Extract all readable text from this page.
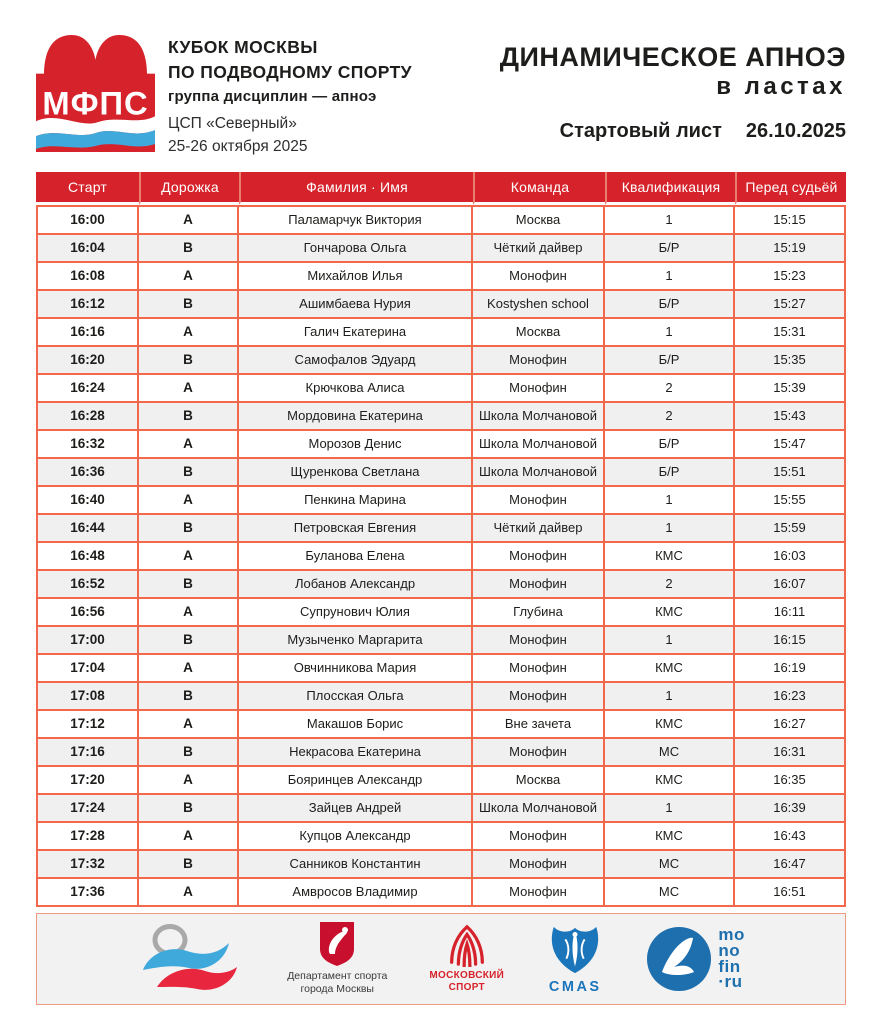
МФПС
КУБОК МОСКВЫ
ПО ПОДВОДНОМУ СПОРТУ
группа дисциплин — апноэ
ЦСП «Северный»
25-26 октября 2025
ДИНАМИЧЕСКОЕ АПНОЭ
в ластах
Стартовый лист 26.10.2025
Старт	Дорожка	Фамилия · Имя	Команда	Квалификация	Перед судьёй
16:00	A	Паламарчук Виктория	Москва	1	15:15
16:04	B	Гончарова Ольга	Чёткий дайвер	Б/Р	15:19
16:08	A	Михайлов Илья	Монофин	1	15:23
16:12	B	Ашимбаева Нурия	Kostyshen school	Б/Р	15:27
16:16	A	Галич Екатерина	Москва	1	15:31
16:20	B	Самофалов Эдуард	Монофин	Б/Р	15:35
16:24	A	Крючкова Алиса	Монофин	2	15:39
16:28	B	Мордовина Екатерина	Школа Молчановой	2	15:43
16:32	A	Морозов Денис	Школа Молчановой	Б/Р	15:47
16:36	B	Щуренкова Светлана	Школа Молчановой	Б/Р	15:51
16:40	A	Пенкина Марина	Монофин	1	15:55
16:44	B	Петровская Евгения	Чёткий дайвер	1	15:59
16:48	A	Буланова Елена	Монофин	КМС	16:03
16:52	B	Лобанов Александр	Монофин	2	16:07
16:56	A	Супрунович Юлия	Глубина	КМС	16:11
17:00	B	Музыченко Маргарита	Монофин	1	16:15
17:04	A	Овчинникова Мария	Монофин	КМС	16:19
17:08	B	Плосская Ольга	Монофин	1	16:23
17:12	A	Макашов Борис	Вне зачета	КМС	16:27
17:16	B	Некрасова Екатерина	Монофин	МС	16:31
17:20	A	Бояринцев Александр	Москва	КМС	16:35
17:24	B	Зайцев Андрей	Школа Молчановой	1	16:39
17:28	A	Купцов Александр	Монофин	КМС	16:43
17:32	B	Санников Константин	Монофин	МС	16:47
17:36	A	Амвросов Владимир	Монофин	МС	16:51
Департамент спорта
города Москвы
МОСКОВСКИЙ
СПОРТ	CMAS
mo
no
fin
·ru
